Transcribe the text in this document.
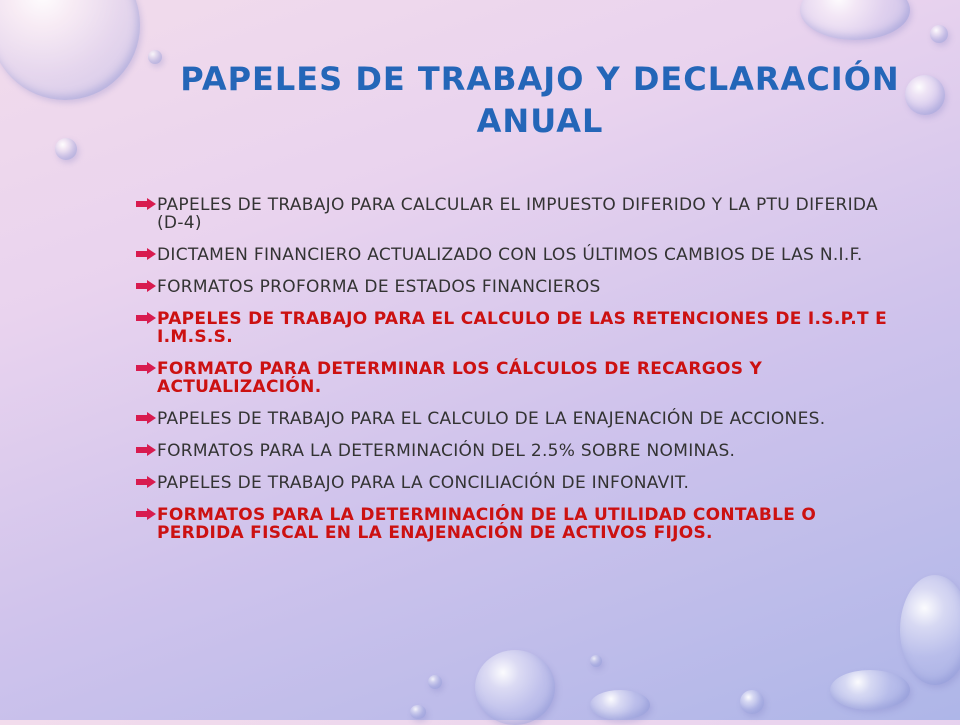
PAPELES DE TRABAJO Y DECLARACIÓN ANUAL
PAPELES DE TRABAJO PARA CALCULAR EL IMPUESTO DIFERIDO Y LA PTU DIFERIDA (D-4)
DICTAMEN FINANCIERO ACTUALIZADO CON LOS ÚLTIMOS CAMBIOS DE LAS N.I.F.
FORMATOS PROFORMA DE ESTADOS FINANCIEROS
PAPELES DE TRABAJO PARA EL CALCULO DE LAS RETENCIONES DE I.S.P.T E I.M.S.S.
FORMATO PARA DETERMINAR LOS CÁLCULOS DE RECARGOS Y ACTUALIZACIÓN.
PAPELES DE TRABAJO PARA EL CALCULO DE LA ENAJENACIÓN DE ACCIONES.
FORMATOS PARA LA DETERMINACIÓN DEL 2.5% SOBRE NOMINAS.
PAPELES DE TRABAJO PARA LA CONCILIACIÓN DE INFONAVIT.
FORMATOS PARA LA DETERMINACIÓN DE LA UTILIDAD CONTABLE O PERDIDA FISCAL EN LA ENAJENACIÓN DE ACTIVOS FIJOS.
